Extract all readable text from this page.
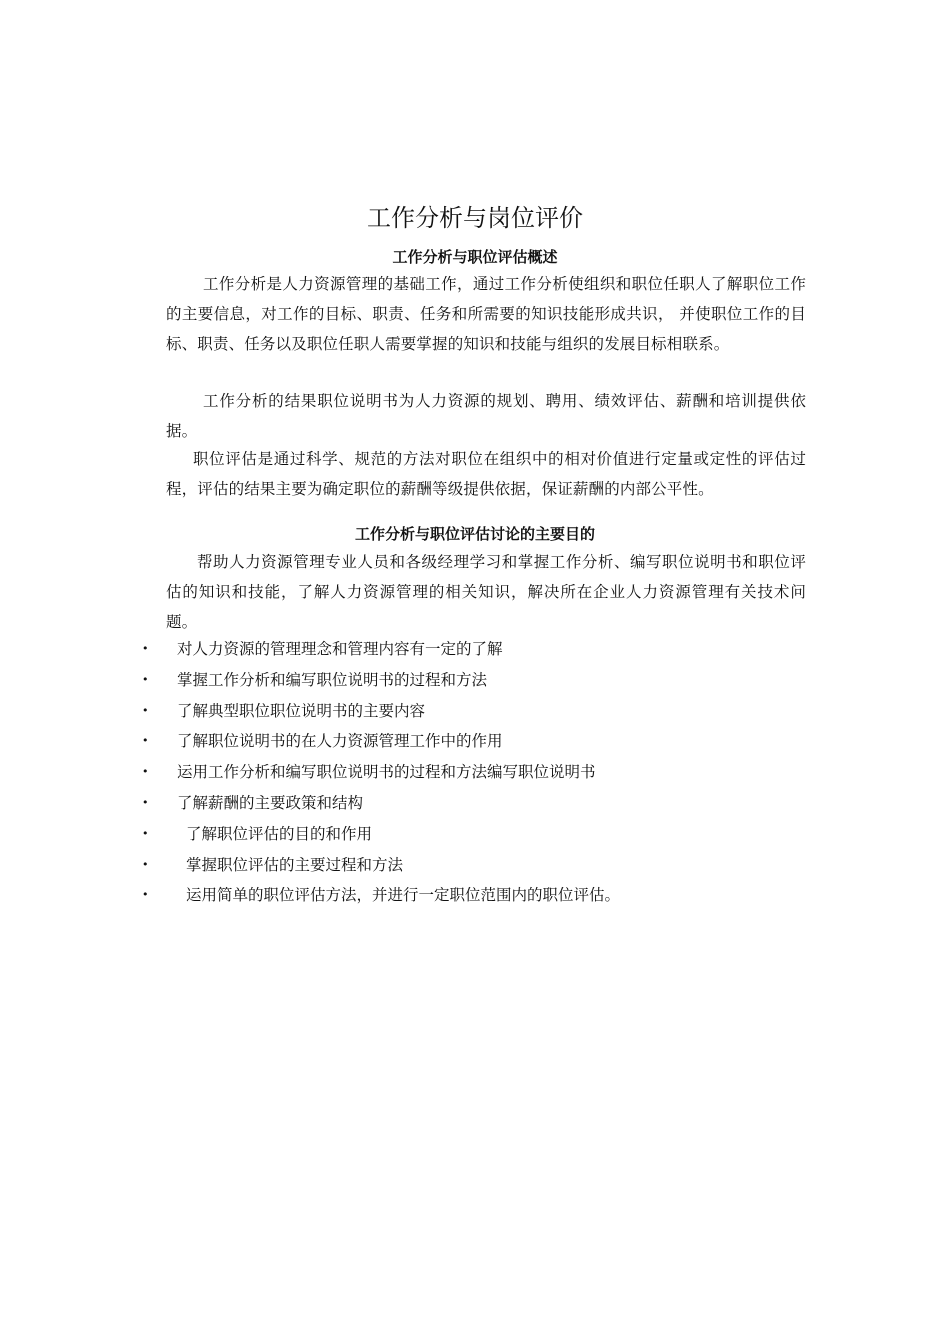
工作分析与岗位评价
工作分析与职位评估概述

工作分析是人力资源管理的基础工作，通过工作分析使组织和职位任职人了解职位工作的主要信息，对工作的目标、职责、任务和所需要的知识技能形成共识， 并使职位工作的目标、职责、任务以及职位任职人需要掌握的知识和技能与组织的发展目标相联系。

工作分析的结果职位说明书为人力资源的规划、聘用、绩效评估、薪酬和培训提供依据。

职位评估是通过科学、规范的方法对职位在组织中的相对价值进行定量或定性的评估过程，评估的结果主要为确定职位的薪酬等级提供依据，保证薪酬的内部公平性。

工作分析与职位评估讨论的主要目的

帮助人力资源管理专业人员和各级经理学习和掌握工作分析、编写职位说明书和职位评估的知识和技能，了解人力资源管理的相关知识，解决所在企业人力资源管理有关技术问题。

• 对人力资源的管理理念和管理内容有一定的了解
• 掌握工作分析和编写职位说明书的过程和方法
• 了解典型职位职位说明书的主要内容
• 了解职位说明书的在人力资源管理工作中的作用
• 运用工作分析和编写职位说明书的过程和方法编写职位说明书
• 了解薪酬的主要政策和结构
• 了解职位评估的目的和作用
• 掌握职位评估的主要过程和方法
• 运用简单的职位评估方法，并进行一定职位范围内的职位评估。
